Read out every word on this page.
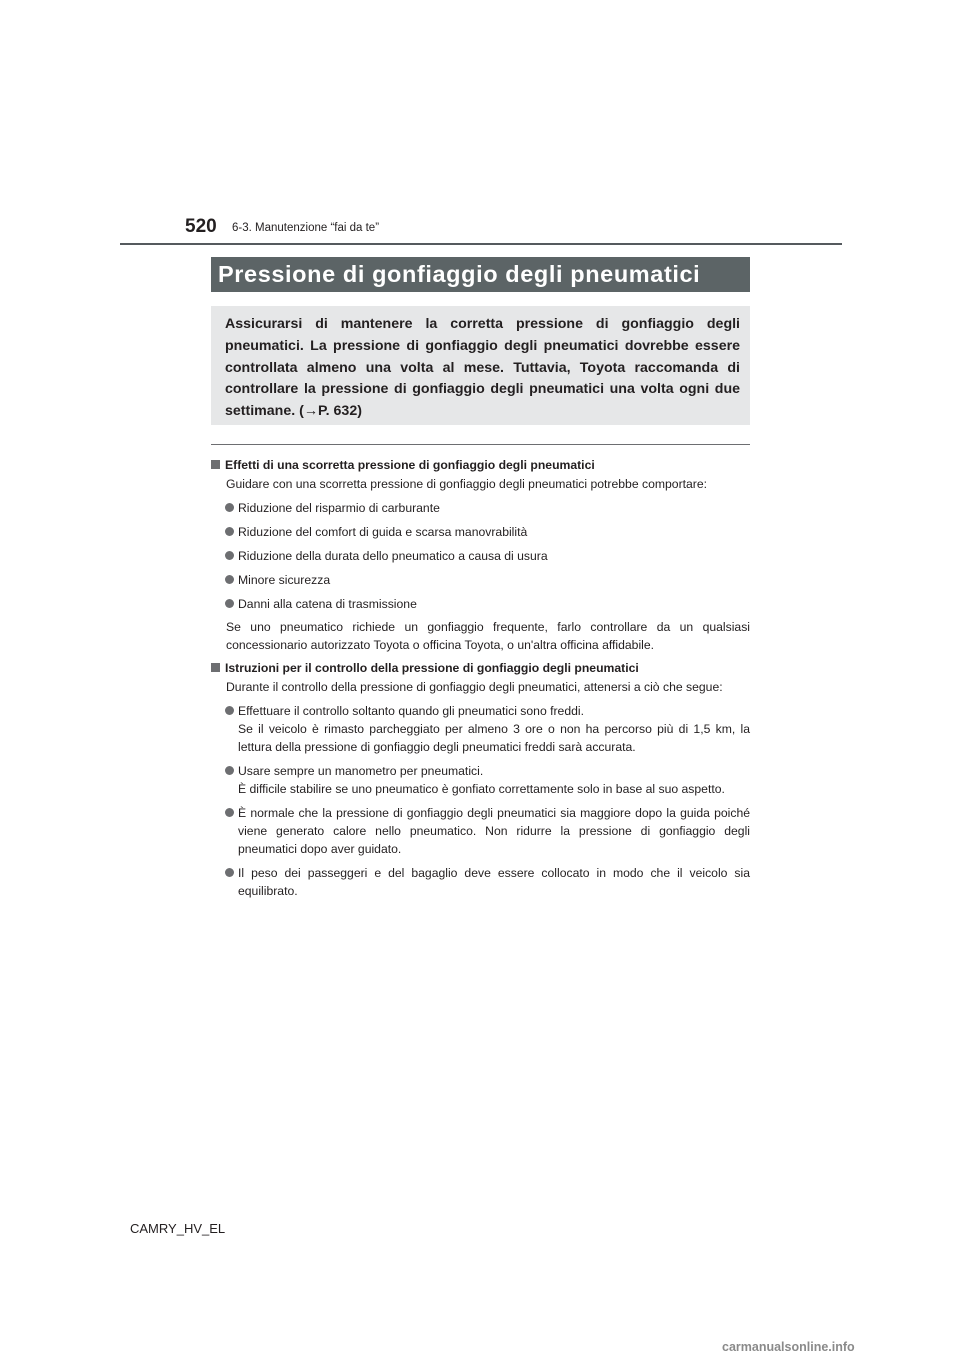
520 6-3. Manutenzione “fai da te”
Pressione di gonfiaggio degli pneumatici
Assicurarsi di mantenere la corretta pressione di gonfiaggio degli pneumatici. La pressione di gonfiaggio degli pneumatici dovrebbe essere controllata almeno una volta al mese. Tuttavia, Toyota raccomanda di controllare la pressione di gonfiaggio degli pneumatici una volta ogni due settimane. (→P. 632)
Effetti di una scorretta pressione di gonfiaggio degli pneumatici
Guidare con una scorretta pressione di gonfiaggio degli pneumatici potrebbe comportare:
Riduzione del risparmio di carburante
Riduzione del comfort di guida e scarsa manovrabilità
Riduzione della durata dello pneumatico a causa di usura
Minore sicurezza
Danni alla catena di trasmissione
Se uno pneumatico richiede un gonfiaggio frequente, farlo controllare da un qualsiasi concessionario autorizzato Toyota o officina Toyota, o un'altra officina affidabile.
Istruzioni per il controllo della pressione di gonfiaggio degli pneumatici
Durante il controllo della pressione di gonfiaggio degli pneumatici, attenersi a ciò che segue:
Effettuare il controllo soltanto quando gli pneumatici sono freddi.
Se il veicolo è rimasto parcheggiato per almeno 3 ore o non ha percorso più di 1,5 km, la lettura della pressione di gonfiaggio degli pneumatici freddi sarà accurata.
Usare sempre un manometro per pneumatici.
È difficile stabilire se uno pneumatico è gonfiato correttamente solo in base al suo aspetto.
È normale che la pressione di gonfiaggio degli pneumatici sia maggiore dopo la guida poiché viene generato calore nello pneumatico. Non ridurre la pressione di gonfiaggio degli pneumatici dopo aver guidato.
Il peso dei passeggeri e del bagaglio deve essere collocato in modo che il veicolo sia equilibrato.
CAMRY_HV_EL
carmanualsonline.info
